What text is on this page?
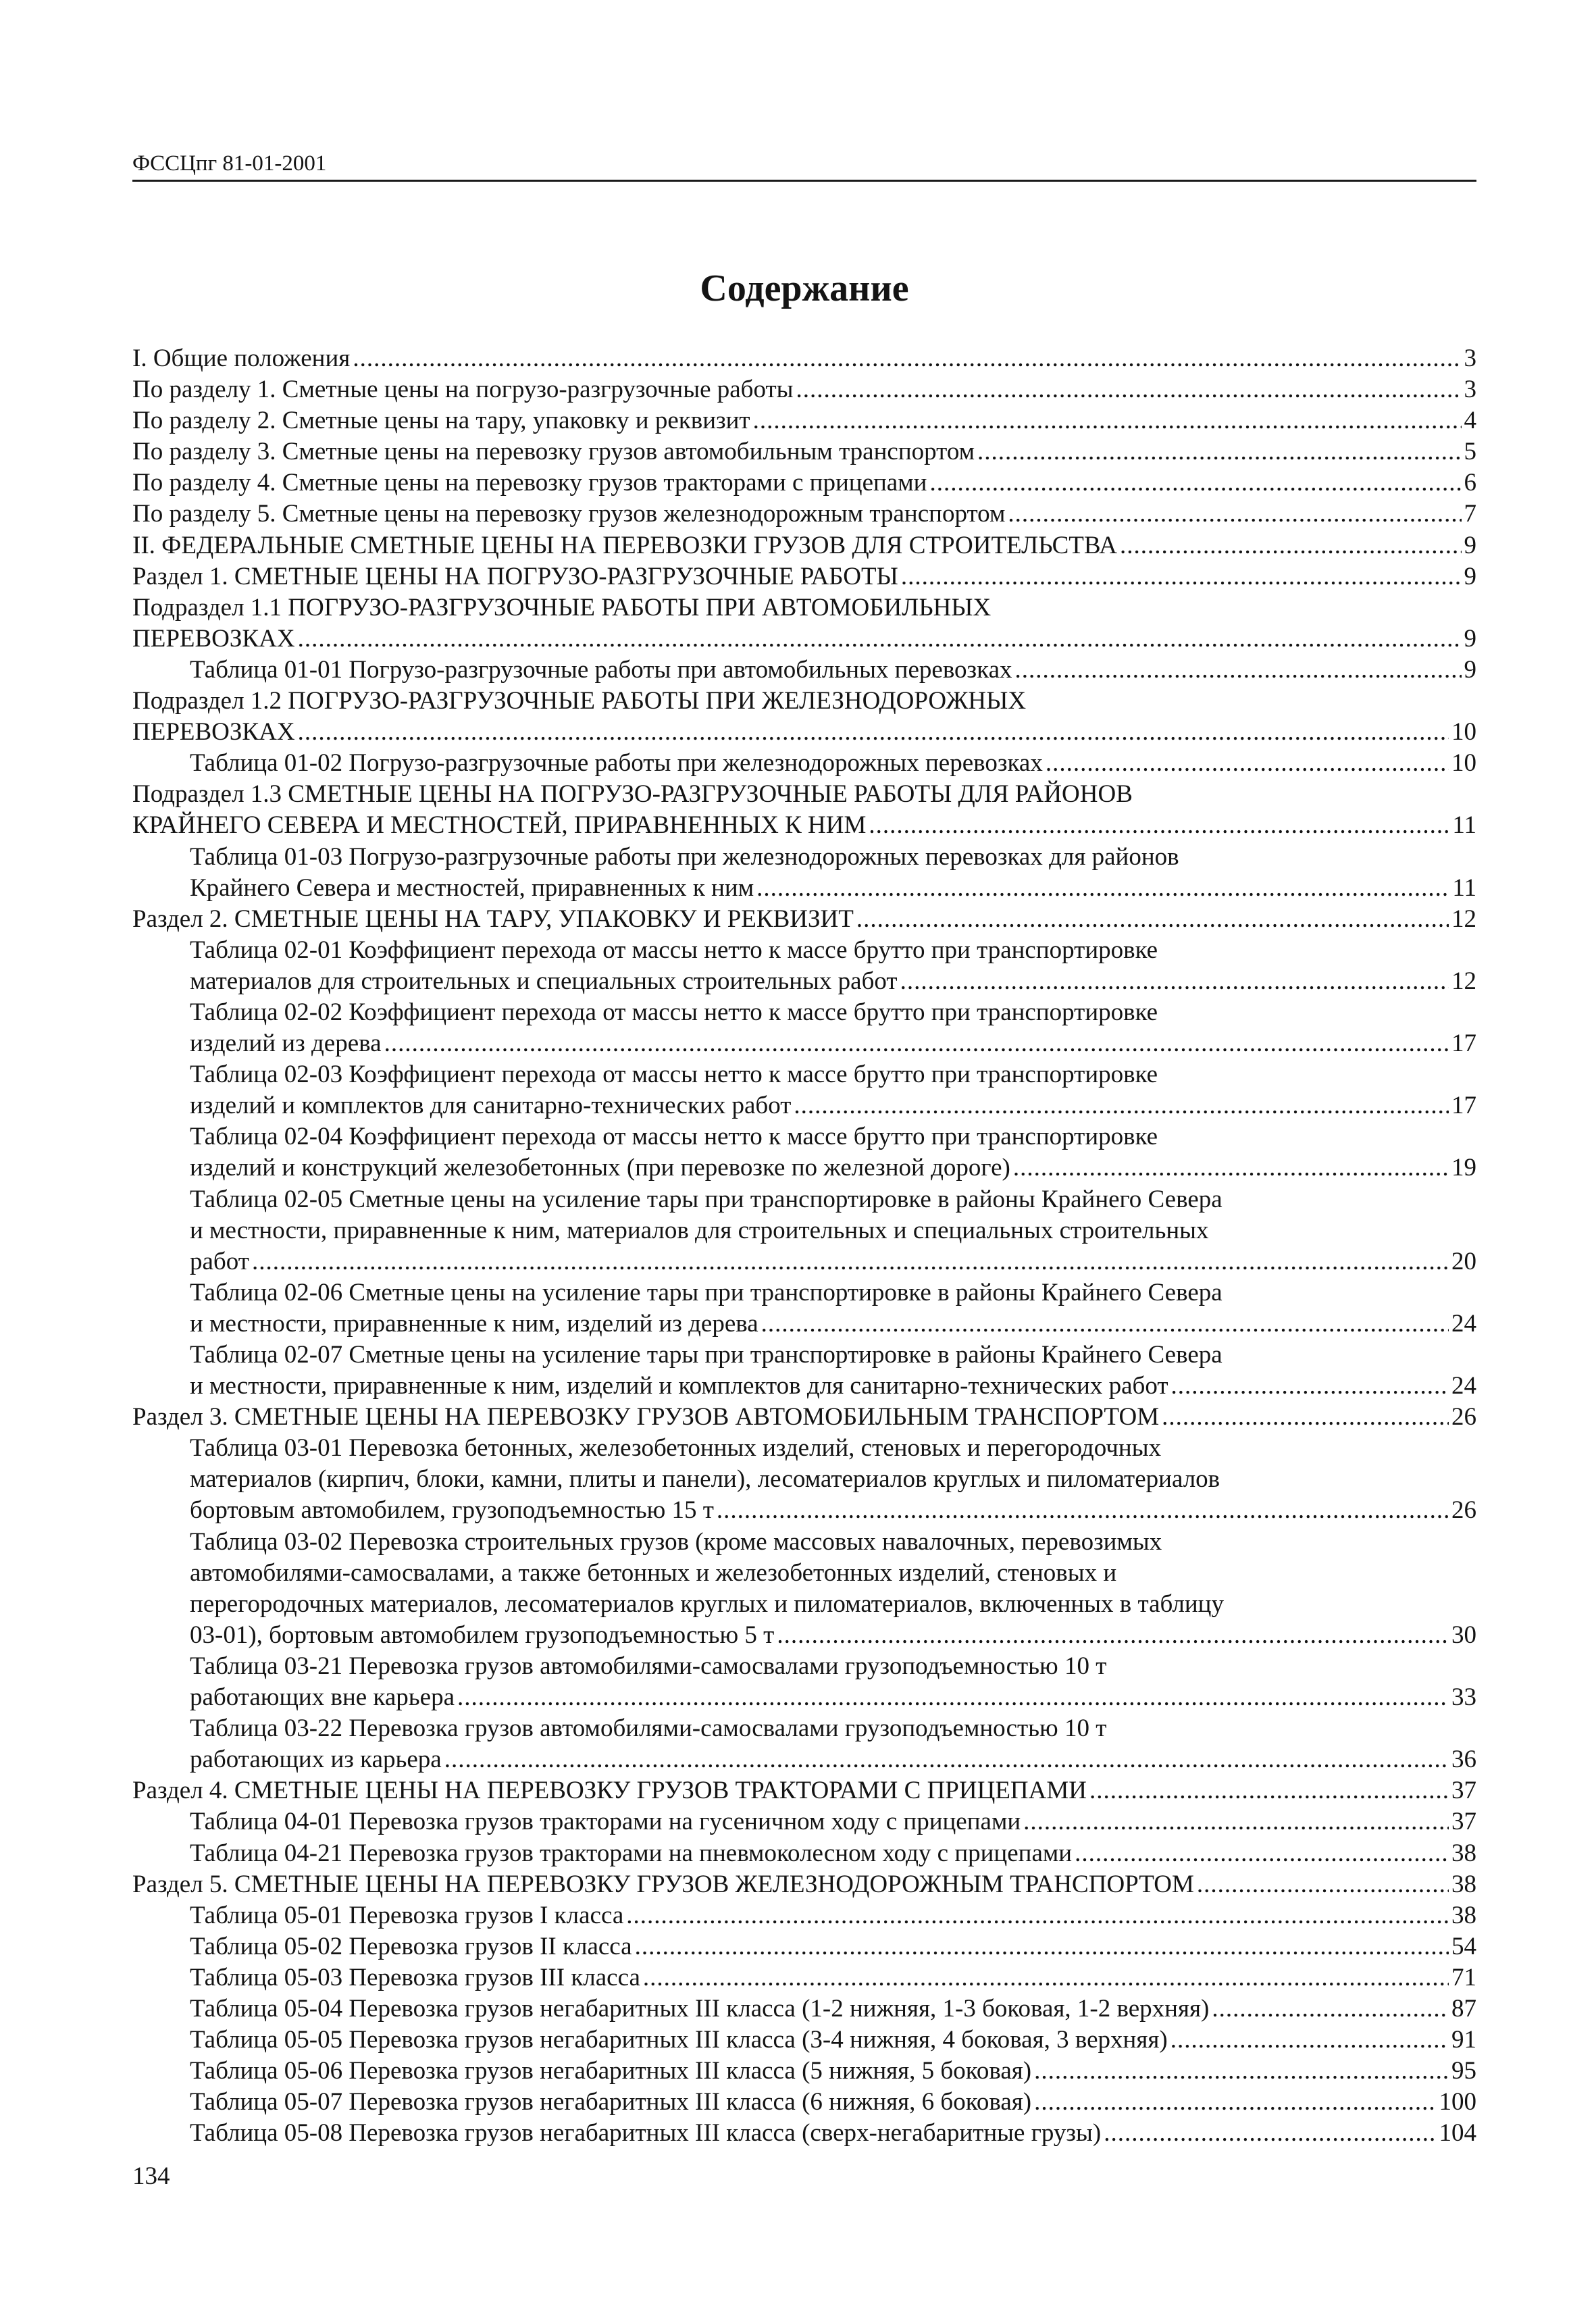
ФССЦпг 81-01-2001
Содержание
I. Общие положения .....	3
По разделу 1. Сметные цены на погрузо-разгрузочные работы .....	3
По разделу 2. Сметные цены на тару, упаковку и реквизит .....	4
По разделу 3. Сметные цены на перевозку грузов автомобильным транспортом .....	5
По разделу 4. Сметные цены на перевозку грузов тракторами с прицепами .....	6
По разделу 5. Сметные цены на перевозку грузов железнодорожным транспортом .....	7
II. ФЕДЕРАЛЬНЫЕ СМЕТНЫЕ ЦЕНЫ НА ПЕРЕВОЗКИ ГРУЗОВ ДЛЯ СТРОИТЕЛЬСТВА .....	9
Раздел 1. СМЕТНЫЕ ЦЕНЫ НА ПОГРУЗО-РАЗГРУЗОЧНЫЕ РАБОТЫ .....	9
Подраздел 1.1 ПОГРУЗО-РАЗГРУЗОЧНЫЕ РАБОТЫ ПРИ АВТОМОБИЛЬНЫХ
ПЕРЕВОЗКАХ .....	9
Таблица 01-01 Погрузо-разгрузочные работы при автомобильных перевозках .....	9
Подраздел 1.2 ПОГРУЗО-РАЗГРУЗОЧНЫЕ РАБОТЫ ПРИ ЖЕЛЕЗНОДОРОЖНЫХ
ПЕРЕВОЗКАХ .....	10
Таблица 01-02 Погрузо-разгрузочные работы при железнодорожных перевозках .....	10
Подраздел 1.3 СМЕТНЫЕ ЦЕНЫ НА ПОГРУЗО-РАЗГРУЗОЧНЫЕ РАБОТЫ ДЛЯ РАЙОНОВ
КРАЙНЕГО СЕВЕРА И МЕСТНОСТЕЙ, ПРИРАВНЕННЫХ К НИМ .....	11
Таблица 01-03 Погрузо-разгрузочные работы при железнодорожных перевозках для районов
Крайнего Севера и местностей, приравненных к ним .....	11
Раздел 2. СМЕТНЫЕ ЦЕНЫ НА ТАРУ, УПАКОВКУ И РЕКВИЗИТ .....	12
Таблица 02-01 Коэффициент перехода от массы нетто к массе брутто при транспортировке
материалов для строительных и специальных строительных работ .....	12
Таблица 02-02 Коэффициент перехода от массы нетто к массе брутто при транспортировке
изделий из дерева .....	17
Таблица 02-03 Коэффициент перехода от массы нетто к массе брутто при транспортировке
изделий и комплектов для санитарно-технических работ .....	17
Таблица 02-04 Коэффициент перехода от массы нетто к массе брутто при транспортировке
изделий и конструкций железобетонных (при перевозке по железной дороге) .....	19
Таблица 02-05 Сметные цены на усиление тары при транспортировке в районы Крайнего Севера
и местности, приравненные к ним, материалов для строительных и специальных строительных
работ .....	20
Таблица 02-06 Сметные цены на усиление тары при транспортировке в районы Крайнего Севера
и местности, приравненные к ним, изделий из дерева .....	24
Таблица 02-07 Сметные цены на усиление тары при транспортировке в районы Крайнего Севера
и местности, приравненные к ним, изделий и комплектов для санитарно-технических работ .....	24
Раздел 3. СМЕТНЫЕ ЦЕНЫ НА ПЕРЕВОЗКУ ГРУЗОВ АВТОМОБИЛЬНЫМ ТРАНСПОРТОМ .....	26
Таблица 03-01 Перевозка бетонных, железобетонных изделий, стеновых и перегородочных
материалов (кирпич, блоки, камни, плиты и панели), лесоматериалов круглых и пиломатериалов
бортовым автомобилем, грузоподъемностью 15 т .....	26
Таблица 03-02 Перевозка строительных грузов (кроме массовых навалочных, перевозимых
автомобилями-самосвалами, а также бетонных и железобетонных изделий, стеновых и
перегородочных материалов, лесоматериалов круглых и пиломатериалов, включенных в таблицу
03-01), бортовым автомобилем грузоподъемностью 5 т .....	30
Таблица 03-21 Перевозка грузов автомобилями-самосвалами грузоподъемностью 10 т
работающих вне карьера .....	33
Таблица 03-22 Перевозка грузов автомобилями-самосвалами грузоподъемностью 10 т
работающих из карьера .....	36
Раздел 4. СМЕТНЫЕ ЦЕНЫ НА ПЕРЕВОЗКУ ГРУЗОВ ТРАКТОРАМИ С ПРИЦЕПАМИ .....	37
Таблица 04-01 Перевозка грузов тракторами на гусеничном ходу с прицепами .....	37
Таблица 04-21 Перевозка грузов тракторами на пневмоколесном ходу с прицепами .....	38
Раздел 5. СМЕТНЫЕ ЦЕНЫ НА ПЕРЕВОЗКУ ГРУЗОВ ЖЕЛЕЗНОДОРОЖНЫМ ТРАНСПОРТОМ .....	38
Таблица 05-01 Перевозка грузов I класса .....	38
Таблица 05-02 Перевозка грузов II класса .....	54
Таблица 05-03 Перевозка грузов III класса .....	71
Таблица 05-04 Перевозка грузов негабаритных III класса (1-2 нижняя, 1-3 боковая, 1-2 верхняя) .....	87
Таблица 05-05 Перевозка грузов негабаритных III класса (3-4 нижняя, 4 боковая, 3 верхняя) .....	91
Таблица 05-06 Перевозка грузов негабаритных III класса (5 нижняя, 5 боковая) .....	95
Таблица 05-07 Перевозка грузов негабаритных III класса (6 нижняя, 6 боковая) .....	100
Таблица 05-08 Перевозка грузов негабаритных III класса (сверх-негабаритные грузы) .....	104
134
